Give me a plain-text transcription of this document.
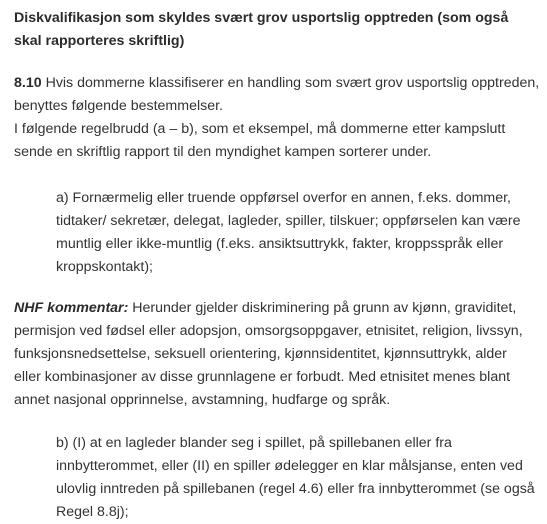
Diskvalifikasjon som skyldes svært grov usportslig opptreden (som også skal rapporteres skriftlig)

8.10 Hvis dommerne klassifiserer en handling som svært grov usportslig opptreden, benyttes følgende bestemmelser.

I følgende regelbrudd (a – b), som et eksempel, må dommerne etter kampslutt sende en skriftlig rapport til den myndighet kampen sorterer under.

a) Fornærmelig eller truende oppførsel overfor en annen, f.eks. dommer, tidtaker/ sekretær, delegat, lagleder, spiller, tilskuer; oppførselen kan være muntlig eller ikke-muntlig (f.eks. ansiktsuttrykk, fakter, kroppsspråk eller kroppskontakt);

NHF kommentar: Herunder gjelder diskriminering på grunn av kjønn, graviditet, permisjon ved fødsel eller adopsjon, omsorgsoppgaver, etnisitet, religion, livssyn, funksjonsnedsettelse, seksuell orientering, kjønnsidentitet, kjønnsuttrykk, alder eller kombinasjoner av disse grunnlagene er forbudt. Med etnisitet menes blant annet nasjonal opprinnelse, avstamning, hudfarge og språk.

b) (I) at en lagleder blander seg i spillet, på spillebanen eller fra innbytterommet, eller (II) en spiller ødelegger en klar målsjanse, enten ved ulovlig inntreden på spillebanen (regel 4.6) eller fra innbytterommet (se også Regel 8.8j);
